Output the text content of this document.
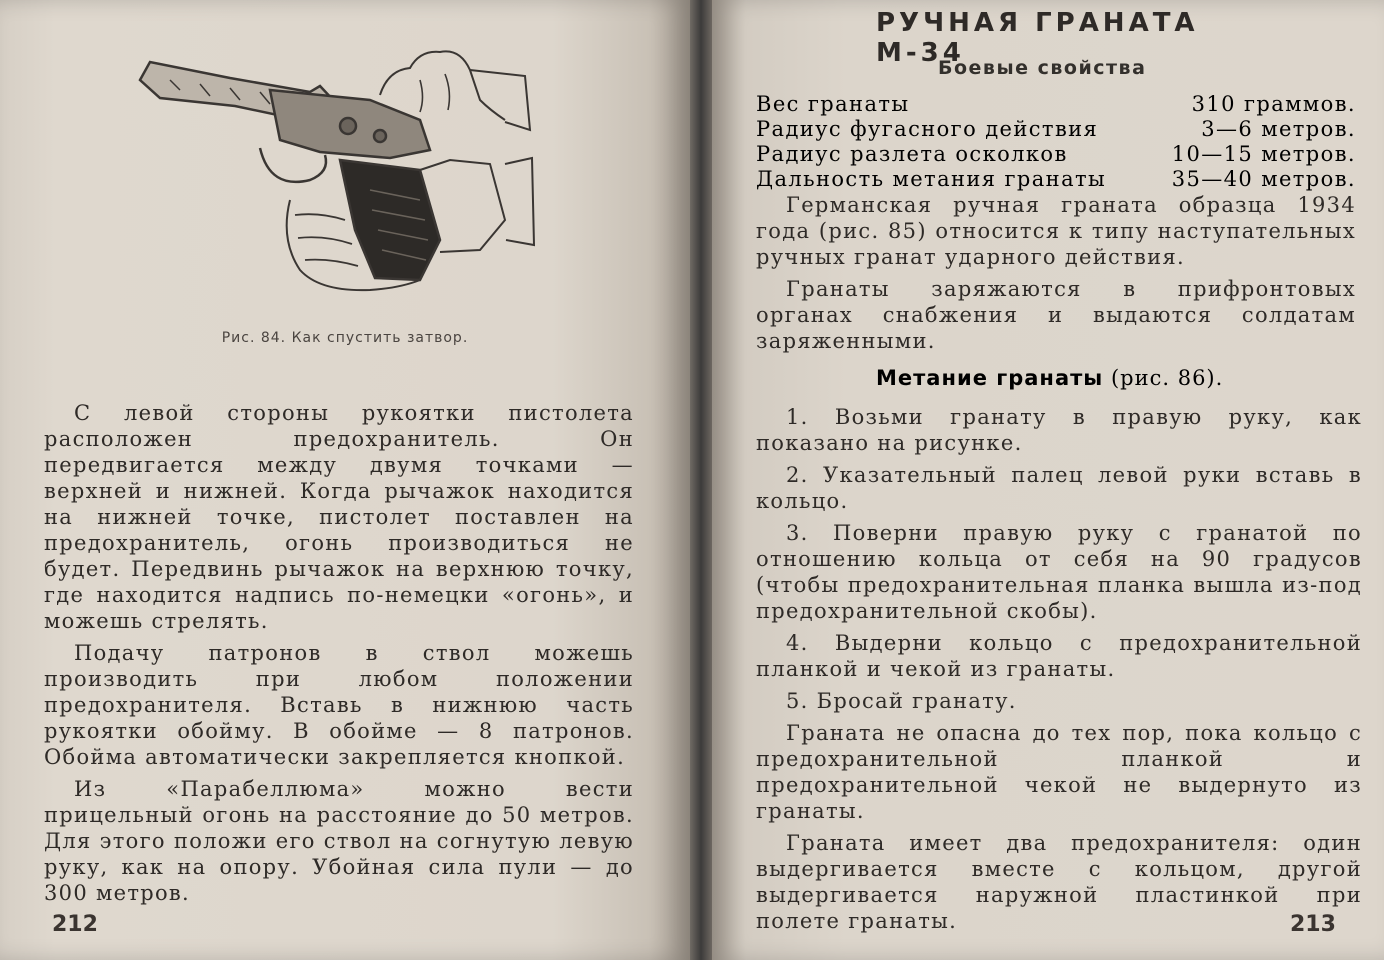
Рис. 84. Как спустить затвор.

С левой стороны рукоятки пистолета расположен предохранитель. Он передвигается между двумя точками — верхней и нижней. Когда рычажок находится на нижней точке, пистолет поставлен на предохранитель, огонь производиться не будет. Передвинь рычажок на верхнюю точку, где находится надпись по-немецки «огонь», и можешь стрелять.

Подачу патронов в ствол можешь производить при любом положении предохранителя. Вставь в нижнюю часть рукоятки обойму. В обойме — 8 патронов. Обойма автоматически закрепляется кнопкой.

Из «Парабеллюма» можно вести прицельный огонь на расстояние до 50 метров. Для этого положи его ствол на согнутую левую руку, как на опору. Убойная сила пули — до 300 метров.

212
РУЧНАЯ ГРАНАТА М-34
Боевые свойства
Вес гранаты	310 граммов.
Радиус фугасного действия	3—6 метров.
Радиус разлета осколков	10—15 метров.
Дальность метания гранаты	35—40 метров.

Германская ручная граната образца 1934 года (рис. 85) относится к типу наступательных ручных гранат ударного действия.

Гранаты заряжаются в прифронтовых органах снабжения и выдаются солдатам заряженными.

Метание гранаты (рис. 86).

1. Возьми гранату в правую руку, как показано на рисунке.

2. Указательный палец левой руки вставь в кольцо.

3. Поверни правую руку с гранатой по отношению кольца от себя на 90 градусов (чтобы предохранительная планка вышла из-под предохранительной скобы).

4. Выдерни кольцо с предохранительной планкой и чекой из гранаты.

5. Бросай гранату.

Граната не опасна до тех пор, пока кольцо с предохранительной планкой и предохранительной чекой не выдернуто из гранаты.

Граната имеет два предохранителя: один выдергивается вместе с кольцом, другой выдергивается наружной пластинкой при полете гранаты.	213
